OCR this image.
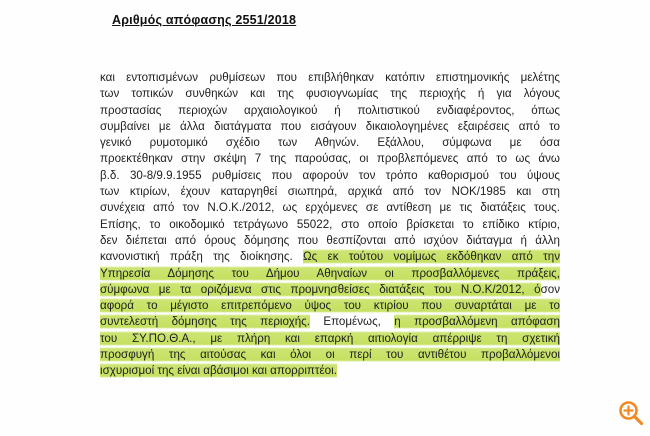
Αριθμός απόφασης 2551/2018
και εντοπισμένων ρυθμίσεων που επιβλήθηκαν κατόπιν επιστημονικής μελέτης
των τοπικών συνθηκών και της φυσιογνωμίας της περιοχής ή για λόγους
προστασίας περιοχών αρχαιολογικού ή πολιτιστικού ενδιαφέροντος, όπως
συμβαίνει με άλλα διατάγματα που εισάγουν δικαιολογημένες εξαιρέσεις από το
γενικό ρυμοτομικό σχέδιο των Αθηνών. Εξάλλου, σύμφωνα με όσα
προεκτέθηκαν στην σκέψη 7 της παρούσας, οι προβλεπόμενες από το ως άνω
β.δ. 30-8/9.9.1955 ρυθμίσεις που αφορούν τον τρόπο καθορισμού του ύψους
των κτιρίων, έχουν καταργηθεί σιωπηρά, αρχικά από τον ΝΟΚ/1985 και στη
συνέχεια από τον Ν.Ο.Κ./2012, ως ερχόμενες σε αντίθεση με τις διατάξεις τους.
Επίσης, το οικοδομικό τετράγωνο 55022, στο οποίο βρίσκεται το επίδικο κτίριο,
δεν διέπεται από όρους δόμησης που θεσπίζονται από ισχύον διάταγμα ή άλλη
κανονιστική πράξη της διοίκησης. Ως εκ τούτου νομίμως εκδόθηκαν από την
Υπηρεσία Δόμησης του Δήμου Αθηναίων οι προσβαλλόμενες πράξεις,
σύμφωνα με τα οριζόμενα στις προμνησθείσες διατάξεις του Ν.Ο.Κ/2012, όσον
αφορά το μέγιστο επιτρεπόμενο ύψος του κτιρίου που συναρτάται με το
συντελεστή δόμησης της περιοχής. Επομένως, η προσβαλλόμενη απόφαση
του ΣΥ.ΠΟ.Θ.Α., με πλήρη και επαρκή αιτιολογία απέρριψε τη σχετική
προσφυγή της αιτούσας και όλοι οι περί του αντιθέτου προβαλλόμενοι
ισχυρισμοί της είναι αβάσιμοι και απορριπτέοι.
